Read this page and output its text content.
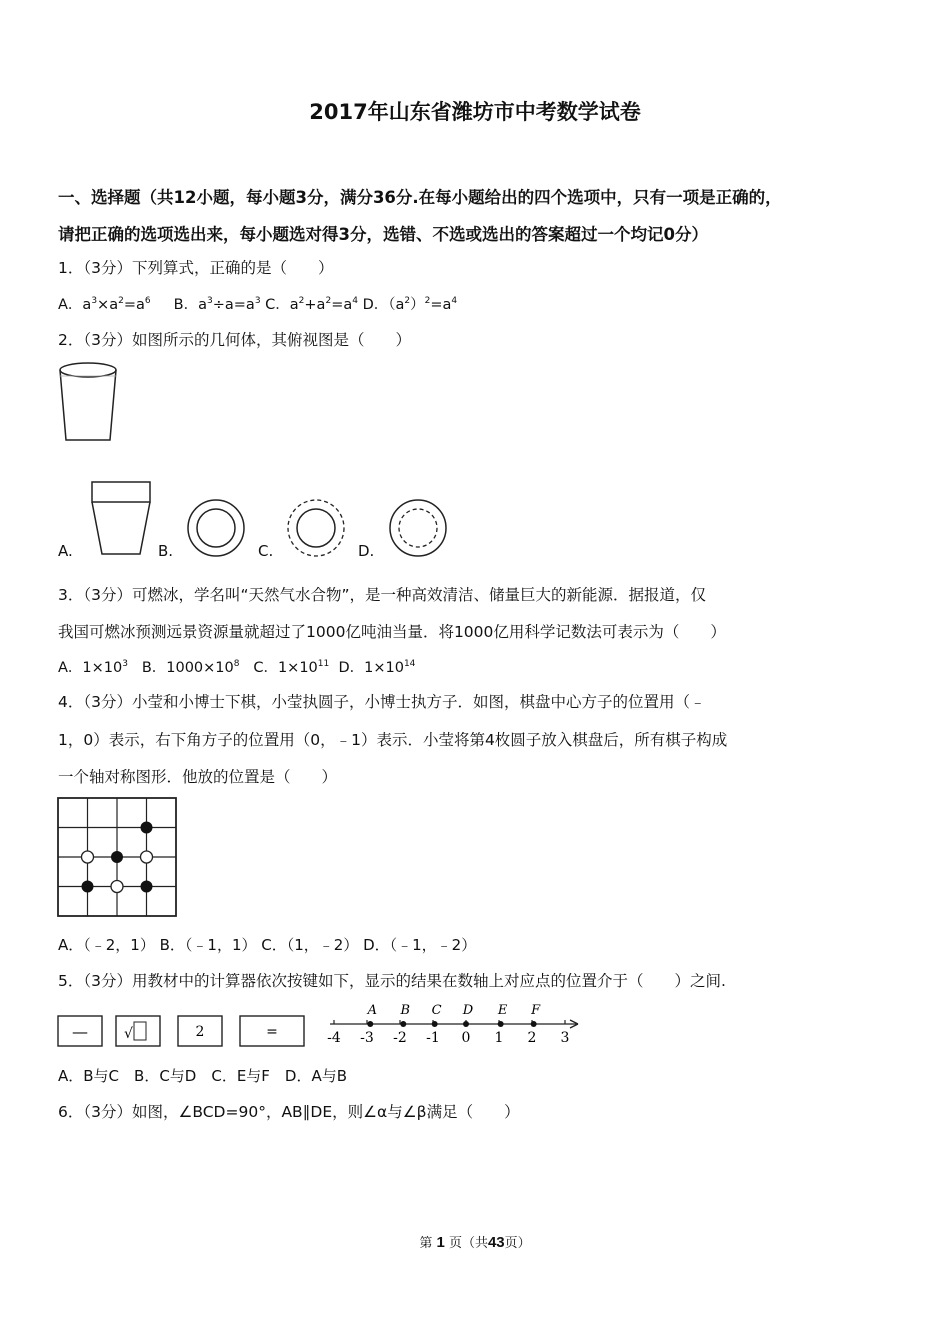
2017年山东省潍坊市中考数学试卷
一、选择题（共12小题，每小题3分，满分36分.在每小题给出的四个选项中，只有一项是正确的，
请把正确的选项选出来，每小题选对得3分，选错、不选或选出的答案超过一个均记0分）
1．（3分）下列算式，正确的是（　　）
A．$a^3\times a^2=a^6$ B．$a^3\div a=a^3$ C．$a^2+a^2=a^4$ D．$(a^2)^2=a^4$
2．（3分）如图所示的几何体，其俯视图是（　　）
A.	B.	C.	D.
3．（3分）可燃冰，学名叫“天然气水合物”，是一种高效清洁、储量巨大的新能源．据报道，仅
我国可燃冰预测远景资源量就超过了1000亿吨油当量．将1000亿用科学记数法可表示为（　　）
A．$1\times 10^3$ B．$1000\times 10^8$ C．$1\times 10^{11}$ D．$1\times 10^{14}$
4．（3分）小莹和小博士下棋，小莹执圆子，小博士执方子．如图，棋盘中心方子的位置用（﹣
1，0）表示，右下角方子的位置用（0，﹣1）表示．小莹将第4枚圆子放入棋盘后，所有棋子构成
一个轴对称图形．他放的位置是（　　）
A．（﹣2，1） B．（﹣1，1） C．（1，﹣2） D．（﹣1，﹣2）
5．（3分）用教材中的计算器依次按键如下，显示的结果在数轴上对应点的位置介于（　　）之间.
—	√	2	=	-4 -3 -2 -1 0 1 2 3
A B C D E F
A．B与C　B．C与D　C．E与F　D．A与B
6．（3分）如图，∠BCD=90°，AB∥DE，则∠α与∠β满足（　　）
第 1 页（共43页）
